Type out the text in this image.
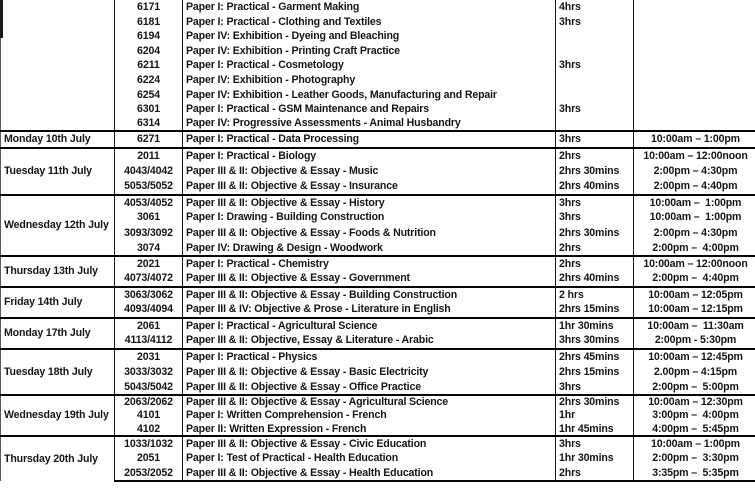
	6171	Paper I: Practical - Garment Making	4hrs	
	6181	Paper I: Practical - Clothing and Textiles	3hrs	
	6194	Paper IV: Exhibition - Dyeing and Bleaching		
	6204	Paper IV: Exhibition - Printing Craft Practice		
	6211	Paper I: Practical - Cosmetology	3hrs	
	6224	Paper IV: Exhibition - Photography		
	6254	Paper IV: Exhibition - Leather Goods, Manufacturing and Repair		
	6301	Paper I: Practical - GSM Maintenance and Repairs	3hrs	
	6314	Paper IV: Progressive Assessments - Animal Husbandry		
Monday 10th July	6271	Paper I: Practical - Data Processing	3hrs	10:00am – 1:00pm
Tuesday 11th July	2011	Paper I: Practical - Biology	2hrs	10:00am – 12:00noon
	4043/4042	Paper III & II: Objective & Essay - Music	2hrs 30mins	2:00pm – 4:30pm
	5053/5052	Paper III & II: Objective & Essay - Insurance	2hrs 40mins	2:00pm – 4:40pm
Wednesday 12th July	4053/4052	Paper III & II: Objective & Essay - History	3hrs	10:00am –  1:00pm
	3061	Paper I: Drawing - Building Construction	3hrs	10:00am –  1:00pm
	3093/3092	Paper III & II: Objective & Essay - Foods & Nutrition	2hrs 30mins	2:00pm – 4:30pm
	3074	Paper IV: Drawing & Design - Woodwork	2hrs	2:00pm –  4:00pm
Thursday 13th July	2021	Paper I: Practical - Chemistry	2hrs	10:00am – 12:00noon
	4073/4072	Paper III & II: Objective & Essay - Government	2hrs 40mins	2:00pm –  4:40pm
Friday 14th July	3063/3062	Paper III & II: Objective & Essay - Building Construction	2 hrs	10:00am – 12:05pm
	4093/4094	Paper III & IV: Objective & Prose - Literature in English	2hrs 15mins	10:00am – 12:15pm
Monday 17th July	2061	Paper I: Practical - Agricultural Science	1hr 30mins	10:00am –  11:30am
	4113/4112	Paper III & II: Objective, Essay & Literature - Arabic	3hrs 30mins	2:00pm - 5:30pm
Tuesday 18th July	2031	Paper I: Practical - Physics	2hrs 45mins	10:00am – 12:45pm
	3033/3032	Paper III & II: Objective & Essay - Basic Electricity	2hrs 15mins	2.00pm – 4:15pm
	5043/5042	Paper III & II: Objective & Essay - Office Practice	3hrs	2:00pm –  5:00pm
Wednesday 19th July	2063/2062	Paper III & II: Objective & Essay - Agricultural Science	2hrs 30mins	10:00am – 12:30pm
	4101	Paper I: Written Comprehension - French	1hr	3:00pm –  4:00pm
	4102	Paper II: Written Expression - French	1hr 45mins	4:00pm –  5:45pm
Thursday 20th July	1033/1032	Paper III & II: Objective & Essay - Civic Education	3hrs	10:00am – 1:00pm
	2051	Paper I: Test of Practical - Health Education	1hr 30mins	2:00pm –  3:30pm
	2053/2052	Paper III & II: Objective & Essay - Health Education	2hrs	3:35pm –  5:35pm
